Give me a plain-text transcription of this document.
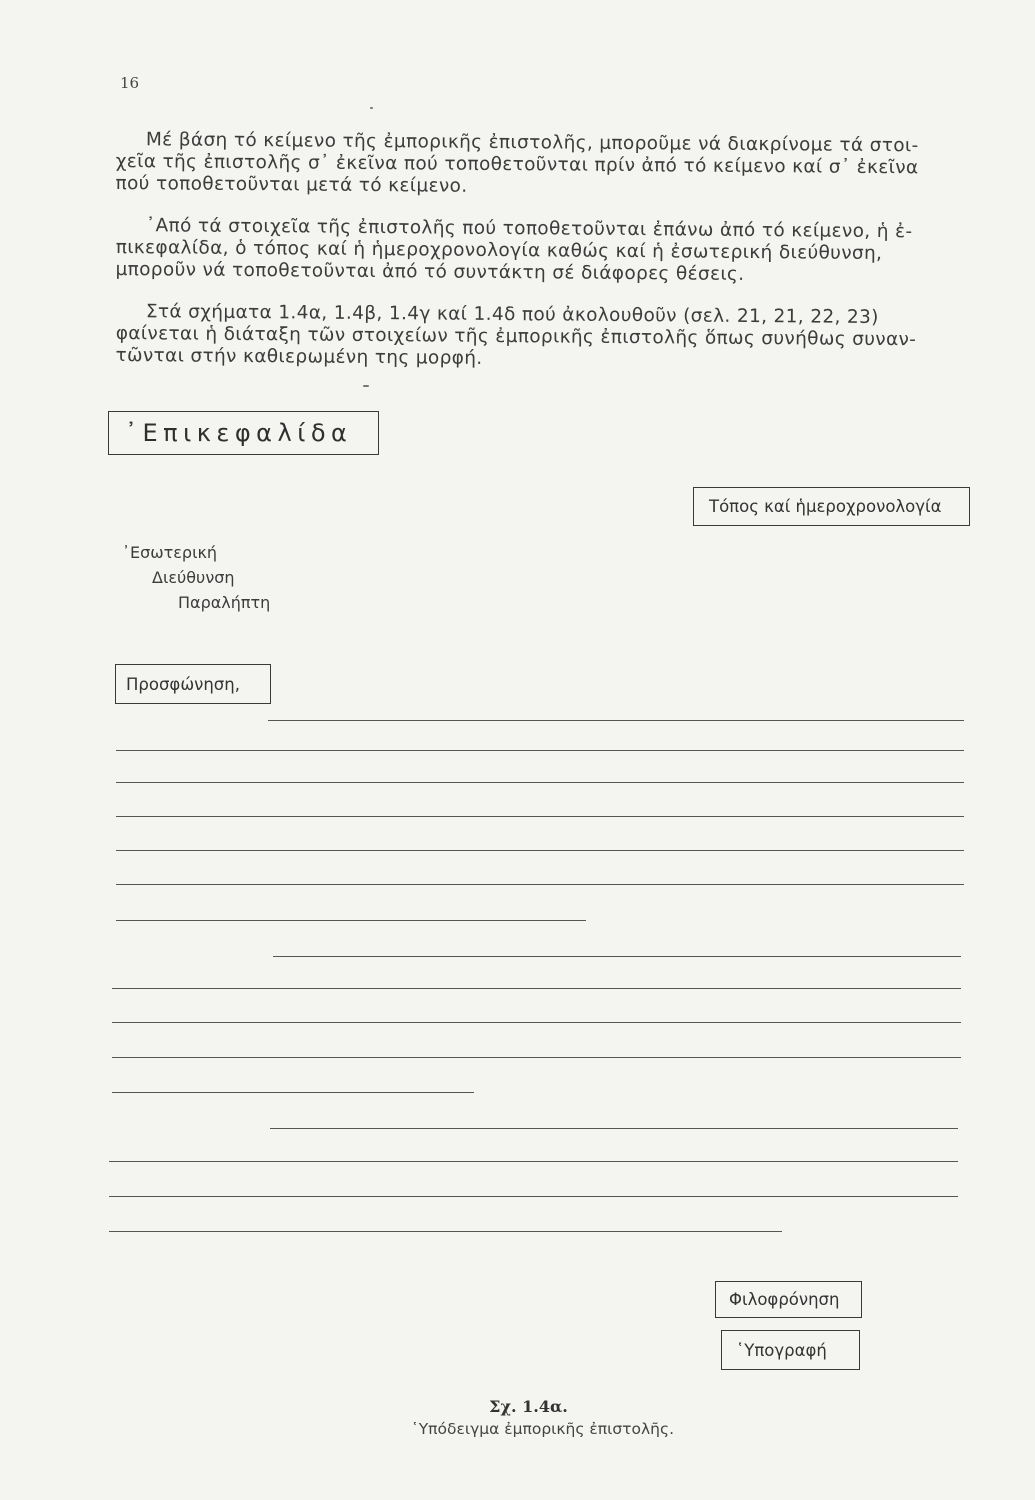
16
Μέ βάση τό κείμενο τῆς ἐμπορικῆς ἐπιστολῆς, μποροῦμε νά διακρίνομε τά στοι-
χεῖα τῆς ἐπιστολῆς σ᾽ ἐκεῖνα πού τοποθετοῦνται πρίν ἀπό τό κείμενο καί σ᾽ ἐκεῖνα
πού τοποθετοῦνται μετά τό κείμενο.
᾽Από τά στοιχεῖα τῆς ἐπιστολῆς πού τοποθετοῦνται ἐπάνω ἀπό τό κείμενο, ἡ ἐ-
πικεφαλίδα, ὁ τόπος καί ἡ ἡμεροχρονολογία καθώς καί ἡ ἐσωτερική διεύθυνση,
μποροῦν νά τοποθετοῦνται ἀπό τό συντάκτη σέ διάφορες θέσεις.
Στά σχήματα 1.4α, 1.4β, 1.4γ καί 1.4δ πού ἀκολουθοῦν (σελ. 21, 21, 22, 23)
φαίνεται ἡ διάταξη τῶν στοιχείων τῆς ἐμπορικῆς ἐπιστολῆς ὅπως συνήθως συναν-
τῶνται στήν καθιερωμένη της μορφή.
᾽Επικεφαλίδα
Τόπος καί ἡμεροχρονολογία
᾽Εσωτερική
Διεύθυνση
Παραλήπτη
Προσφώνηση,
Φιλοφρόνηση
῾Υπογραφή
Σχ. 1.4α.
῾Υπόδειγμα ἐμπορικῆς ἐπιστολῆς.
